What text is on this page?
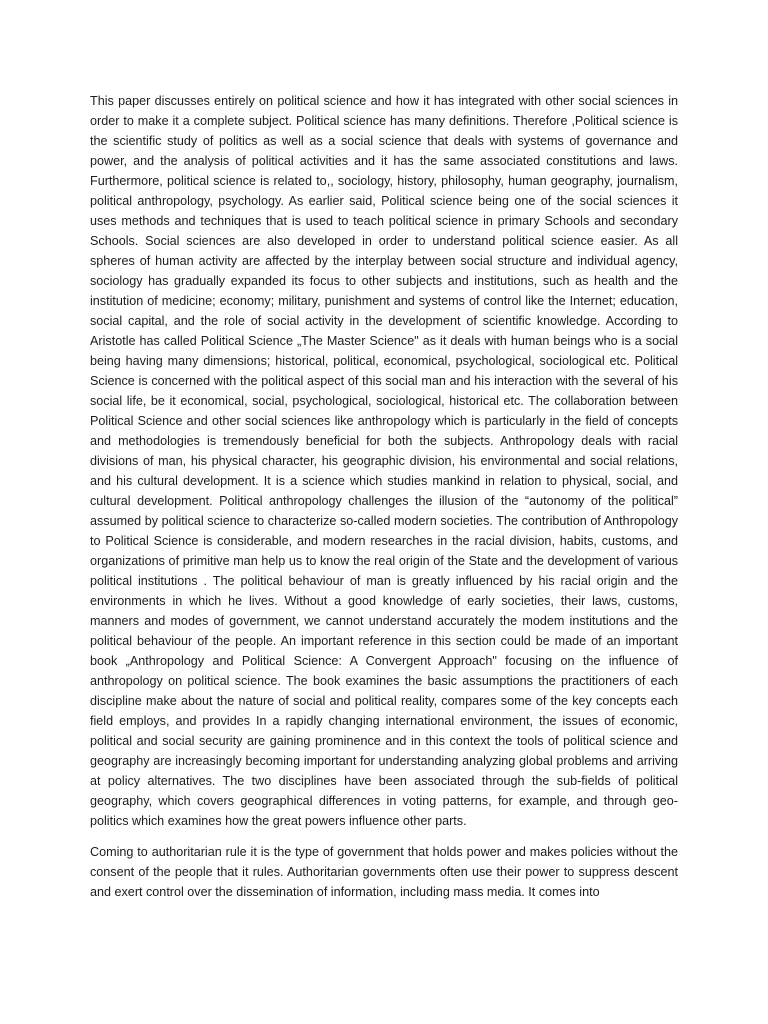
This paper discusses entirely on political science and how it has integrated with other social sciences in order to make it a complete subject. Political science has many definitions. Therefore ,Political science is the scientific study of politics as well as a social science that deals with systems of governance and power, and the analysis of political activities and it has the same associated constitutions and laws. Furthermore, political science is related to,, sociology, history, philosophy, human geography, journalism, political anthropology, psychology. As earlier said, Political science being one of the social sciences it uses methods and techniques that is used to teach political science in primary Schools and secondary Schools. Social sciences are also developed in order to understand political science easier. As all spheres of human activity are affected by the interplay between social structure and individual agency, sociology has gradually expanded its focus to other subjects and institutions, such as health and the institution of medicine; economy; military, punishment and systems of control like the Internet; education, social capital, and the role of social activity in the development of scientific knowledge. According to Aristotle has called Political Science „The Master Science" as it deals with human beings who is a social being having many dimensions; historical, political, economical, psychological, sociological etc. Political Science is concerned with the political aspect of this social man and his interaction with the several of his social life, be it economical, social, psychological, sociological, historical etc. The collaboration between Political Science and other social sciences like anthropology which is particularly in the field of concepts and methodologies is tremendously beneficial for both the subjects. Anthropology deals with racial divisions of man, his physical character, his geographic division, his environmental and social relations, and his cultural development. It is a science which studies mankind in relation to physical, social, and cultural development. Political anthropology challenges the illusion of the “autonomy of the political” assumed by political science to characterize so-called modern societies. The contribution of Anthropology to Political Science is considerable, and modern researches in the racial division, habits, customs, and organizations of primitive man help us to know the real origin of the State and the development of various political institutions . The political behaviour of man is greatly influenced by his racial origin and the environments in which he lives. Without a good knowledge of early societies, their laws, customs, manners and modes of government, we cannot understand accurately the modem institutions and the political behaviour of the people. An important reference in this section could be made of an important book „Anthropology and Political Science: A Convergent Approach" focusing on the influence of anthropology on political science. The book examines the basic assumptions the practitioners of each discipline make about the nature of social and political reality, compares some of the key concepts each field employs, and provides In a rapidly changing international environment, the issues of economic, political and social security are gaining prominence and in this context the tools of political science and geography are increasingly becoming important for understanding analyzing global problems and arriving at policy alternatives. The two disciplines have been associated through the sub-fields of political geography, which covers geographical differences in voting patterns, for example, and through geo-politics which examines how the great powers influence other parts.

Coming to authoritarian rule it is the type of government that holds power and makes policies without the consent of the people that it rules. Authoritarian governments often use their power to suppress descent and exert control over the dissemination of information, including mass media. It comes into
